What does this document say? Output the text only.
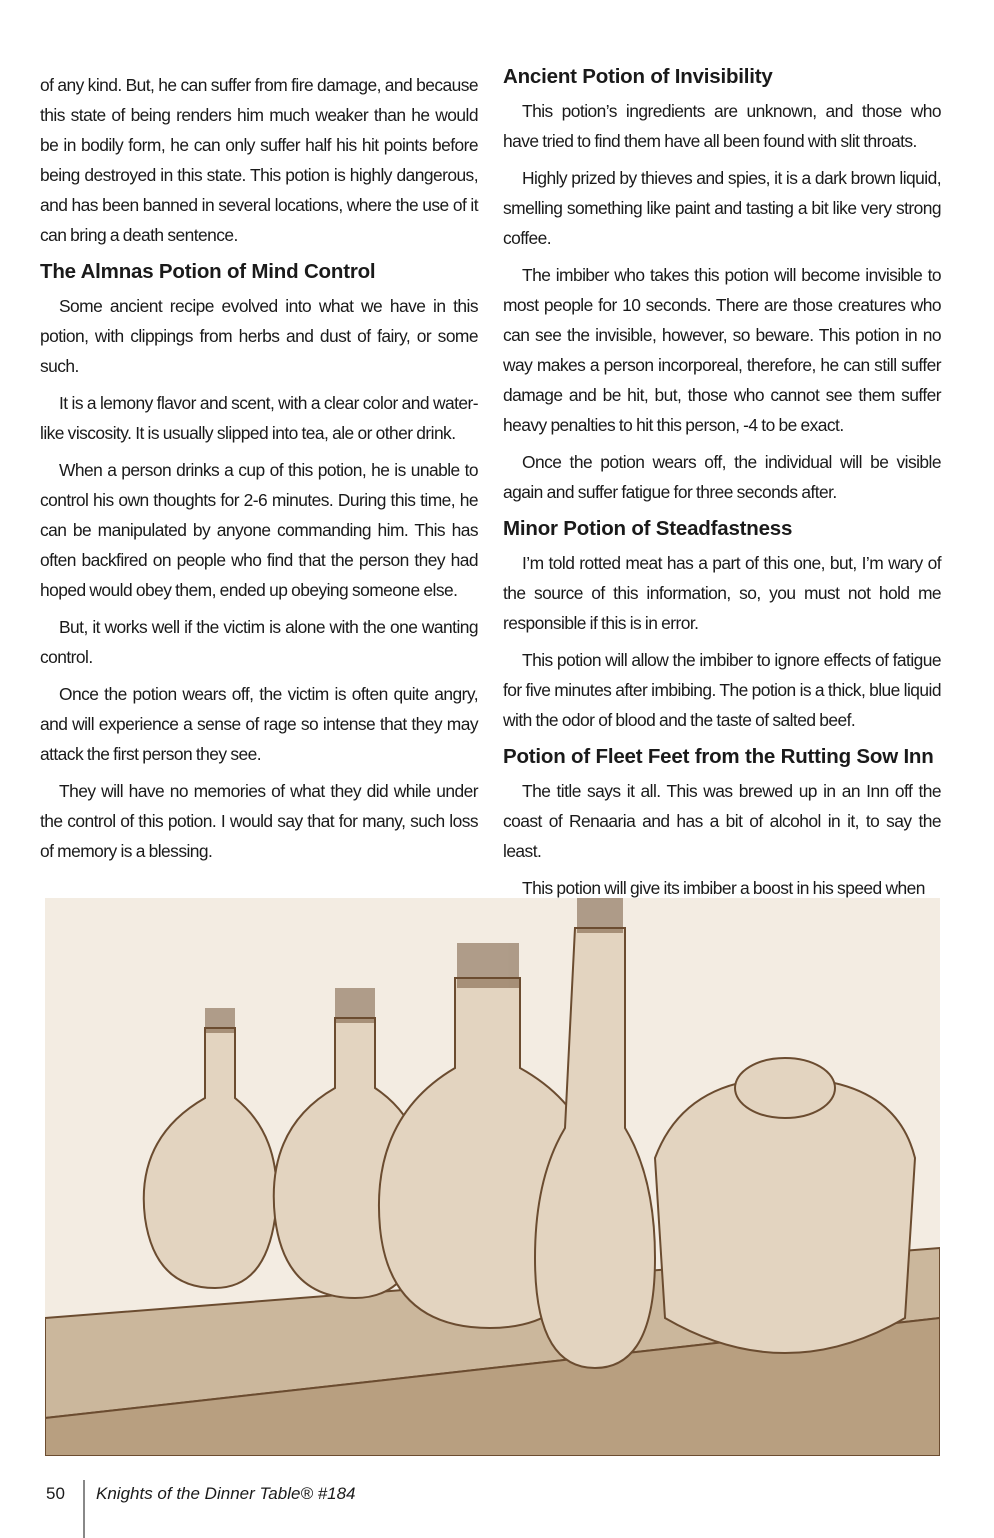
of any kind. But, he can suffer from fire damage, and because this state of being renders him much weaker than he would be in bodily form, he can only suffer half his hit points before being destroyed in this state. This potion is highly dangerous, and has been banned in several locations, where the use of it can bring a death sentence.

The Almnas Potion of Mind Control

Some ancient recipe evolved into what we have in this potion, with clippings from herbs and dust of fairy, or some such.

It is a lemony flavor and scent, with a clear color and water-like viscosity. It is usually slipped into tea, ale or other drink.

When a person drinks a cup of this potion, he is unable to control his own thoughts for 2-6 minutes. During this time, he can be manipulated by anyone commanding him. This has often backfired on people who find that the person they had hoped would obey them, ended up obeying someone else.

But, it works well if the victim is alone with the one wanting control.

Once the potion wears off, the victim is often quite angry, and will experience a sense of rage so intense that they may attack the first person they see.

They will have no memories of what they did while under the control of this potion. I would say that for many, such loss of memory is a blessing.

Ancient Potion of Invisibility

This potion’s ingredients are unknown, and those who have tried to find them have all been found with slit throats.

Highly prized by thieves and spies, it is a dark brown liquid, smelling something like paint and tasting a bit like very strong coffee.

The imbiber who takes this potion will become invisible to most people for 10 seconds. There are those creatures who can see the invisible, however, so beware. This potion in no way makes a person incorporeal, therefore, he can still suffer damage and be hit, but, those who cannot see them suffer heavy penalties to hit this person, -4 to be exact.

Once the potion wears off, the individual will be visible again and suffer fatigue for three seconds after.

Minor Potion of Steadfastness

I’m told rotted meat has a part of this one, but, I’m wary of the source of this information, so, you must not hold me responsible if this is in error.

This potion will allow the imbiber to ignore effects of fatigue for five minutes after imbibing. The potion is a thick, blue liquid with the odor of blood and the taste of salted beef.

Potion of Fleet Feet from the Rutting Sow Inn

The title says it all. This was brewed up in an Inn off the coast of Renaaria and has a bit of alcohol in it, to say the least.

This potion will give its imbiber a boost in his speed when

50 Knights of the Dinner Table® #184
